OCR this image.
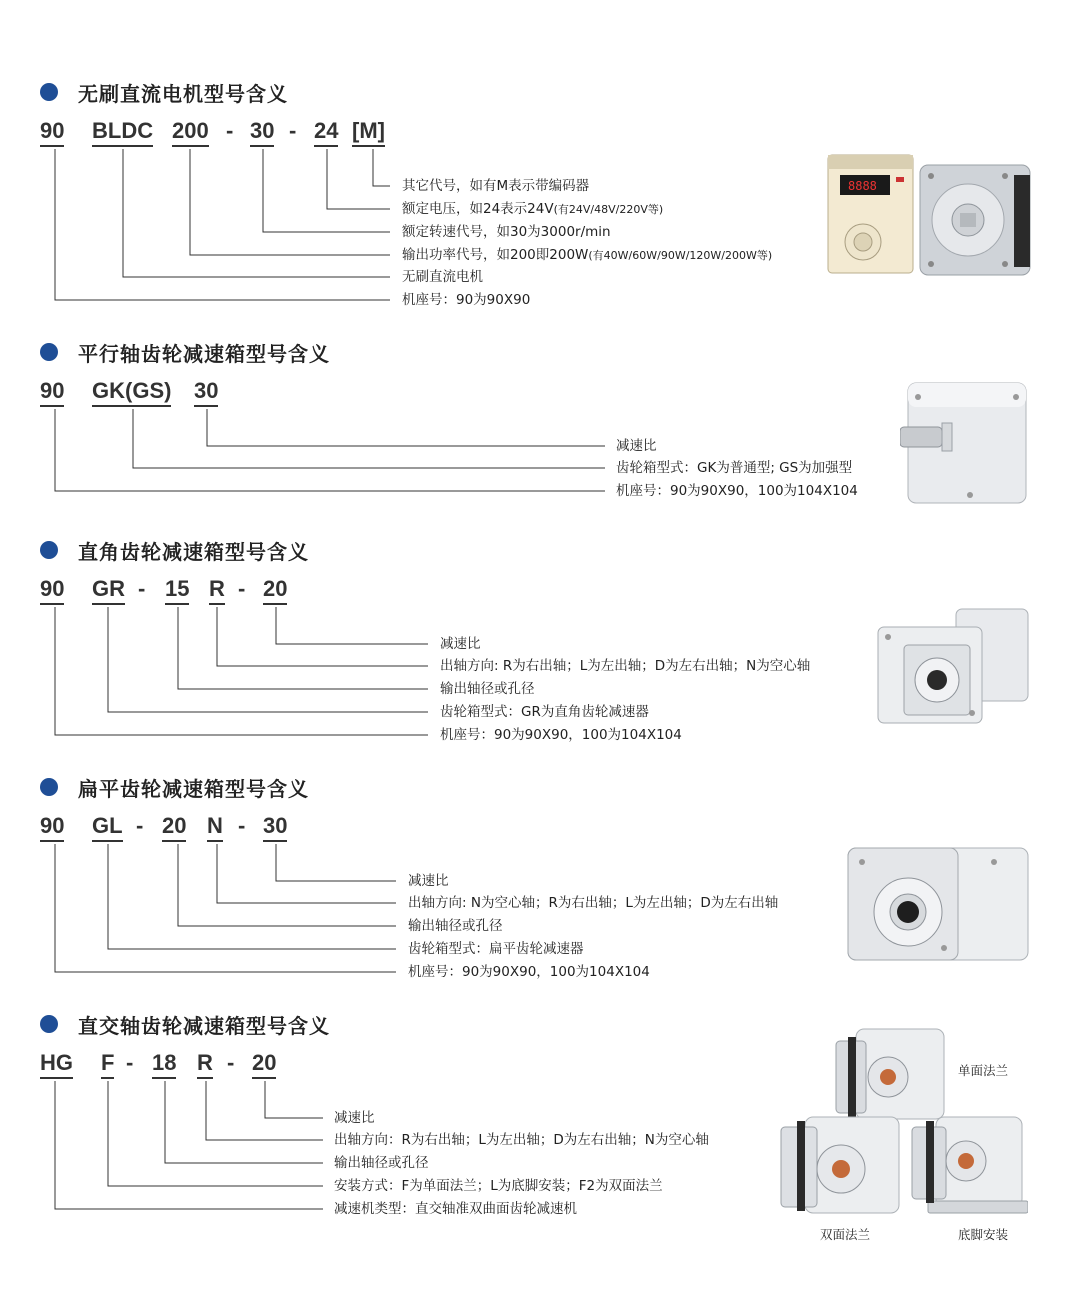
无刷直流电机型号含义
90 BLDC 200 - 30 - 24 [M]
其它代号，如有M表示带编码器
额定电压，如24表示24V(有24V/48V/220V等)
额定转速代号，如30为3000r/min
输出功率代号，如200即200W(有40W/60W/90W/120W/200W等)
无刷直流电机
机座号：90为90X90
8888
平行轴齿轮减速箱型号含义
90 GK(GS) 30
减速比
齿轮箱型式：GK为普通型; GS为加强型
机座号：90为90X90，100为104X104
直角齿轮减速箱型号含义
90 GR - 15 R - 20
减速比
出轴方向: R为右出轴；L为左出轴；D为左右出轴；N为空心轴
输出轴径或孔径
齿轮箱型式：GR为直角齿轮减速器
机座号：90为90X90，100为104X104
扁平齿轮减速箱型号含义
90 GL - 20 N - 30
减速比
出轴方向: N为空心轴；R为右出轴；L为左出轴；D为左右出轴
输出轴径或孔径
齿轮箱型式：扁平齿轮减速器
机座号：90为90X90，100为104X104
直交轴齿轮减速箱型号含义
HG F - 18 R - 20
减速比
出轴方向：R为右出轴；L为左出轴；D为左右出轴；N为空心轴
输出轴径或孔径
安装方式：F为单面法兰；L为底脚安装；F2为双面法兰
减速机类型：直交轴准双曲面齿轮减速机
单面法兰
双面法兰	底脚安装
